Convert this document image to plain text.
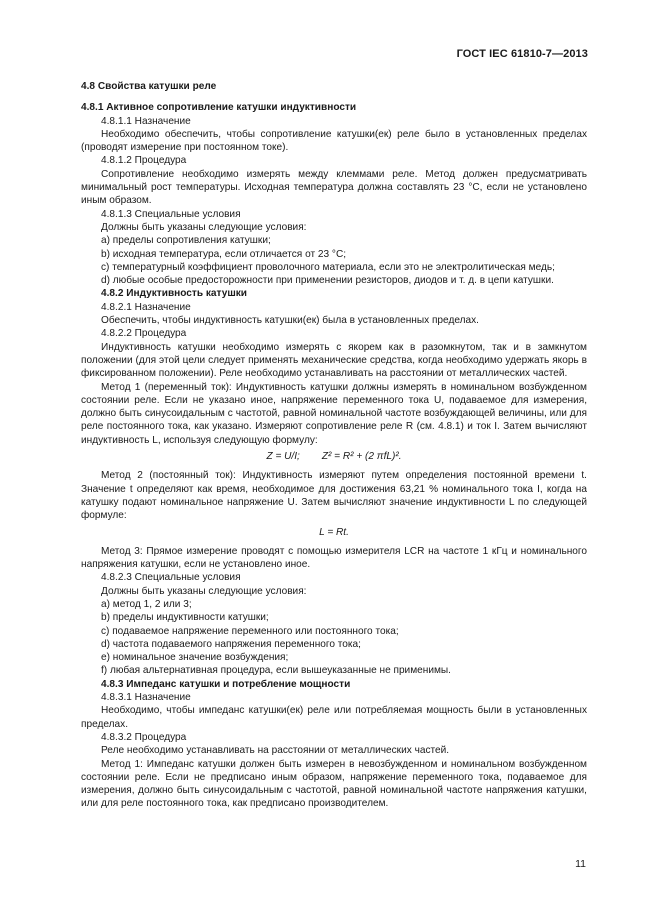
ГОСТ IEC 61810-7—2013

4.8 Свойства катушки реле

4.8.1 Активное сопротивление катушки индуктивности

4.8.1.1 Назначение

Необходимо обеспечить, чтобы сопротивление катушки(ек) реле было в установленных пределах (проводят измерение при постоянном токе).

4.8.1.2 Процедура

Сопротивление необходимо измерять между клеммами реле. Метод должен предусматривать минимальный рост температуры. Исходная температура должна составлять 23 °С, если не установлено иным образом.

4.8.1.3 Специальные условия

Должны быть указаны следующие условия:

a) пределы сопротивления катушки;

b) исходная температура, если отличается от 23 °С;

c) температурный коэффициент проволочного материала, если это не электролитическая медь;

d) любые особые предосторожности при применении резисторов, диодов и т. д. в цепи катушки.

4.8.2 Индуктивность катушки

4.8.2.1 Назначение

Обеспечить, чтобы индуктивность катушки(ек) была в установленных пределах.

4.8.2.2 Процедура

Индуктивность катушки необходимо измерять с якорем как в разомкнутом, так и в замкнутом положении (для этой цели следует применять механические средства, когда необходимо удержать якорь в фиксированном положении). Реле необходимо устанавливать на расстоянии от металлических частей.

Метод 1 (переменный ток): Индуктивность катушки должны измерять в номинальном возбужденном состоянии реле. Если не указано иное, напряжение переменного тока U, подаваемое для измерения, должно быть синусоидальным с частотой, равной номинальной частоте возбуждающей величины, или для реле постоянного тока, как указано. Измеряют сопротивление реле R (см. 4.8.1) и ток I. Затем вычисляют индуктивность L, используя следующую формулу:

Z = U/I; Z² = R² + (2 πfL)².

Метод 2 (постоянный ток): Индуктивность измеряют путем определения постоянной времени t. Значение t определяют как время, необходимое для достижения 63,21 % номинального тока I, когда на катушку подают номинальное напряжение U. Затем вычисляют значение индуктивности L по следующей формуле:

L = Rt.

Метод 3: Прямое измерение проводят с помощью измерителя LCR на частоте 1 кГц и номинального напряжения катушки, если не установлено иное.

4.8.2.3 Специальные условия

Должны быть указаны следующие условия:

a) метод 1, 2 или 3;

b) пределы индуктивности катушки;

c) подаваемое напряжение переменного или постоянного тока;

d) частота подаваемого напряжения переменного тока;

e) номинальное значение возбуждения;

f) любая альтернативная процедура, если вышеуказанные не применимы.

4.8.3 Импеданс катушки и потребление мощности

4.8.3.1 Назначение

Необходимо, чтобы импеданс катушки(ек) реле или потребляемая мощность были в установленных пределах.

4.8.3.2 Процедура

Реле необходимо устанавливать на расстоянии от металлических частей.

Метод 1: Импеданс катушки должен быть измерен в невозбужденном и номинальном возбужденном состоянии реле. Если не предписано иным образом, напряжение переменного тока, подаваемое для измерения, должно быть синусоидальным с частотой, равной номинальной частоте напряжения катушки, или для реле постоянного тока, как предписано производителем.

11
